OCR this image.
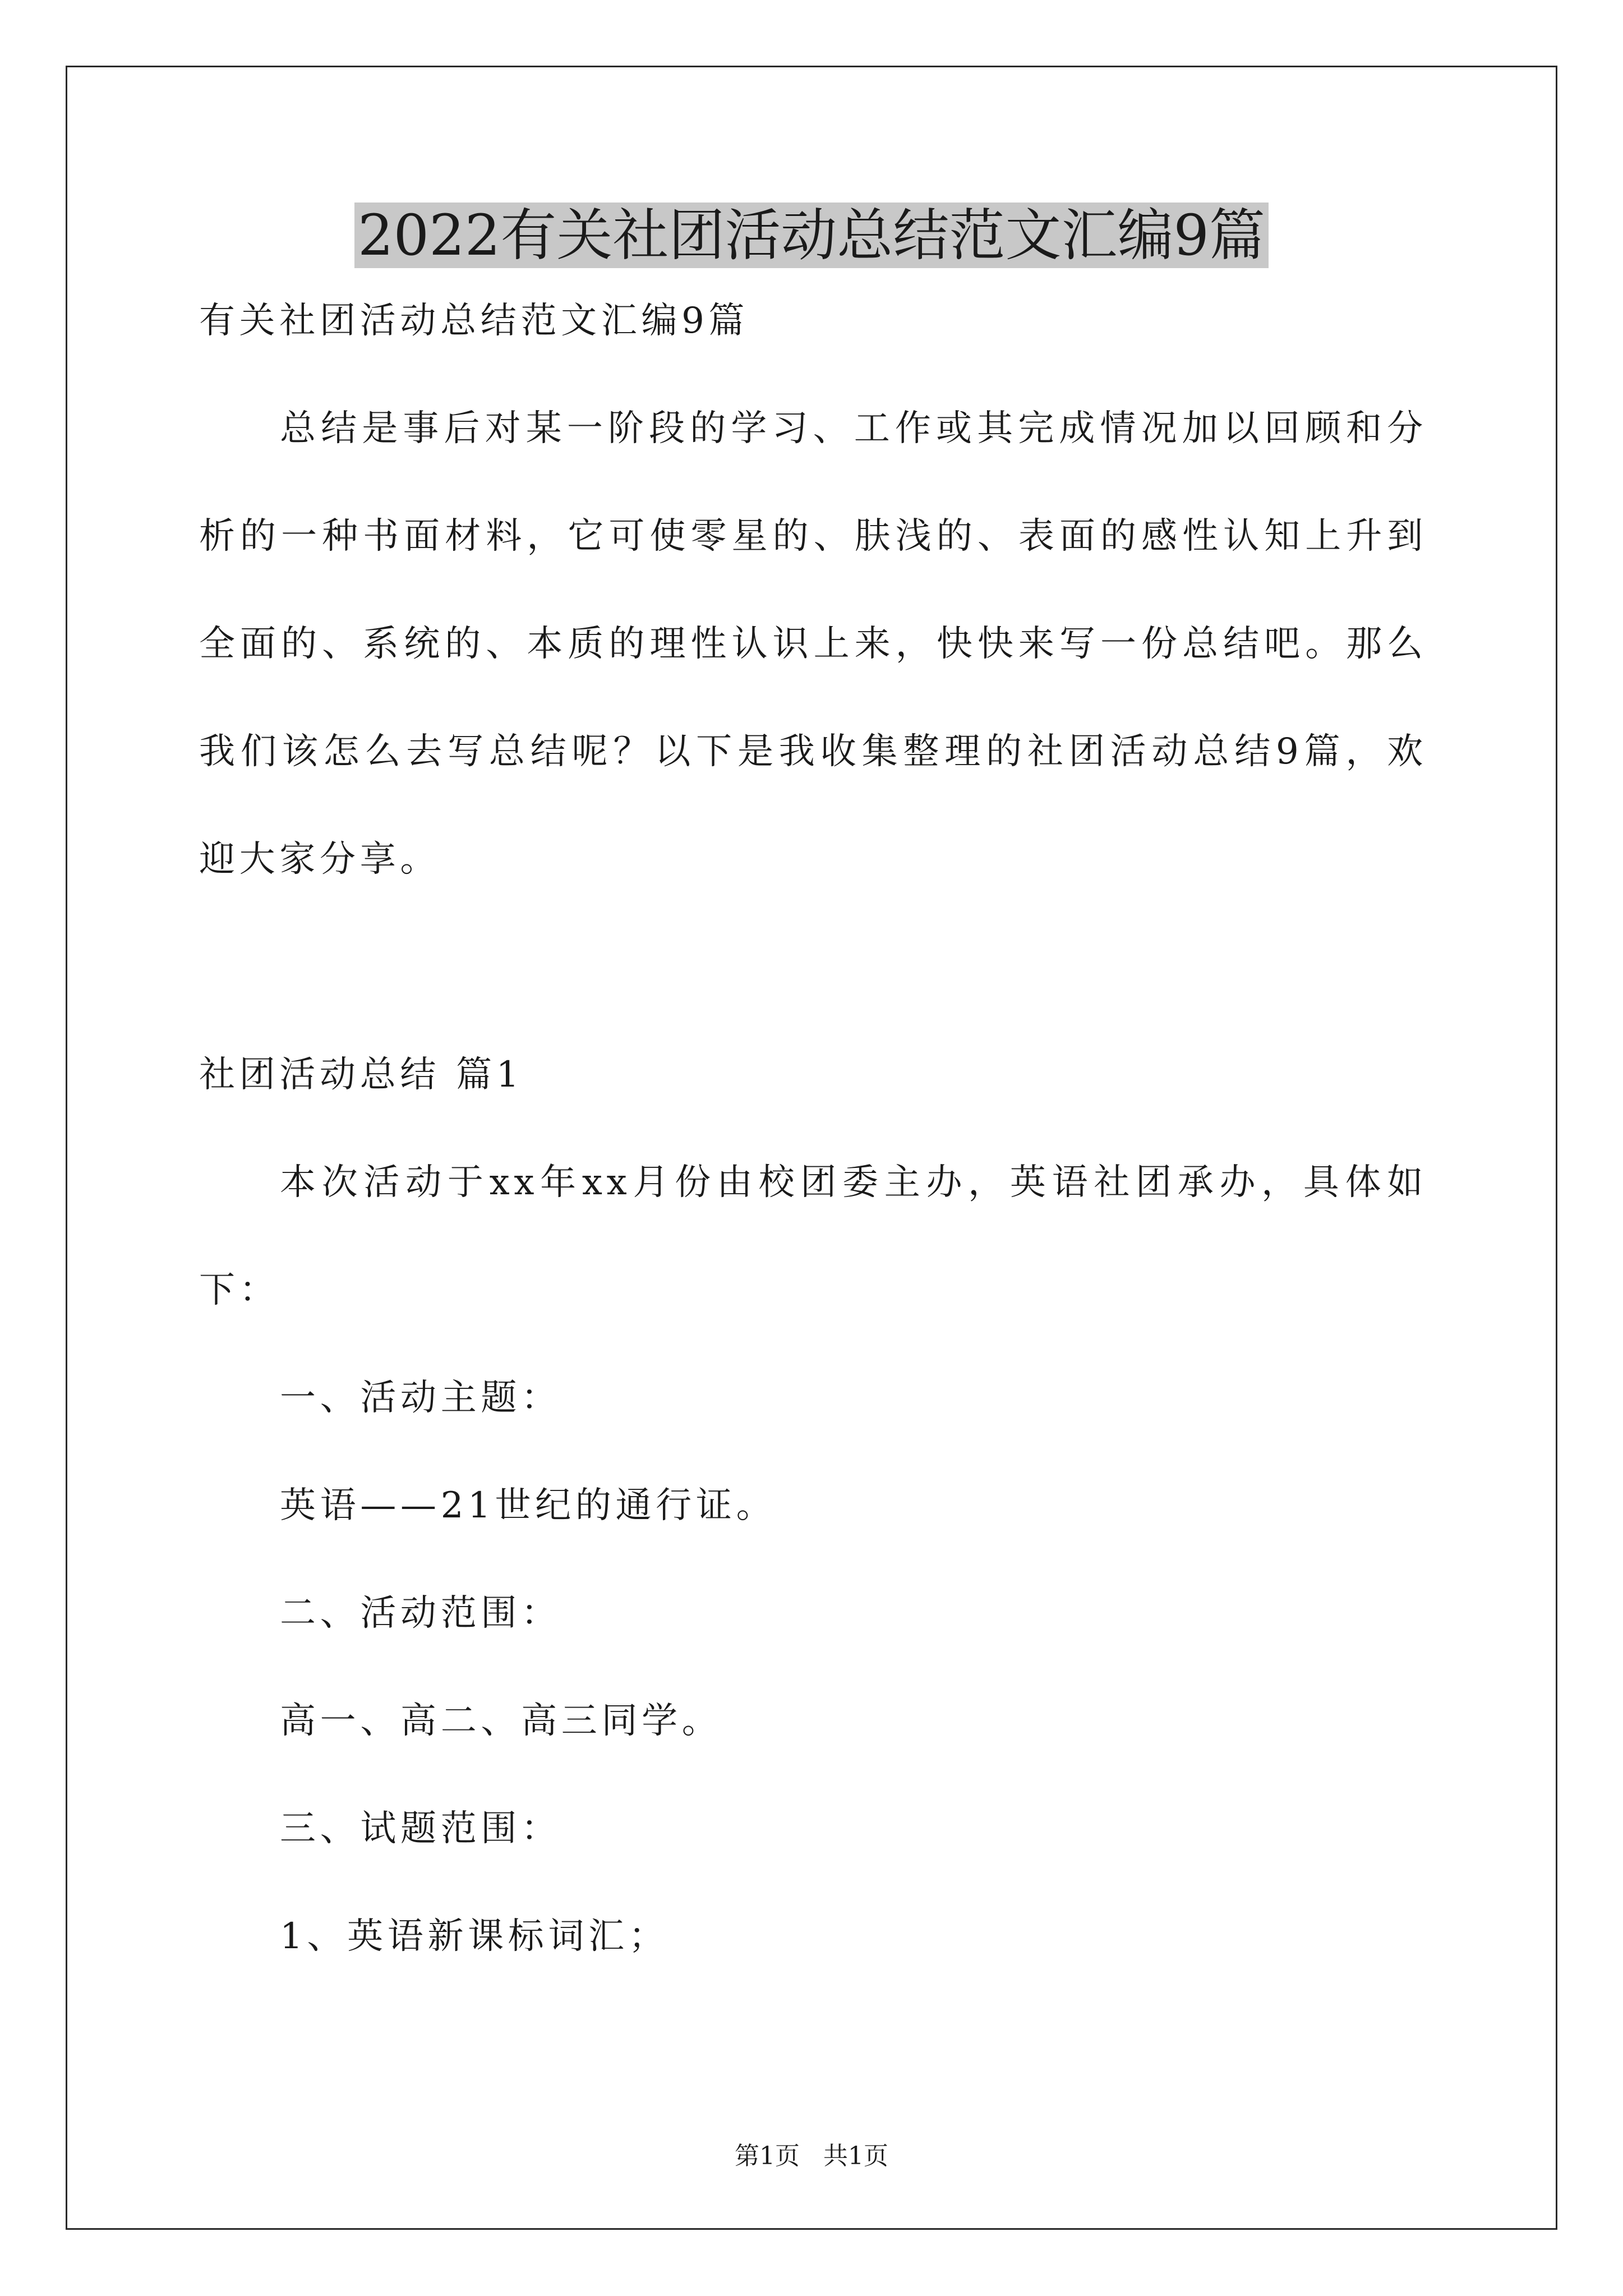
2022有关社团活动总结范文汇编9篇
有关社团活动总结范文汇编9篇
总结是事后对某一阶段的学习、工作或其完成情况加以回顾和分析的一种书面材料，它可使零星的、肤浅的、表面的感性认知上升到全面的、系统的、本质的理性认识上来，快快来写一份总结吧。那么我们该怎么去写总结呢？以下是我收集整理的社团活动总结9篇，欢迎大家分享。
社团活动总结 篇1
本次活动于xx年xx月份由校团委主办，英语社团承办，具体如下：
一、活动主题：
英语——21世纪的通行证。
二、活动范围：
高一、高二、高三同学。
三、试题范围：
1、英语新课标词汇；
第1页   共1页
